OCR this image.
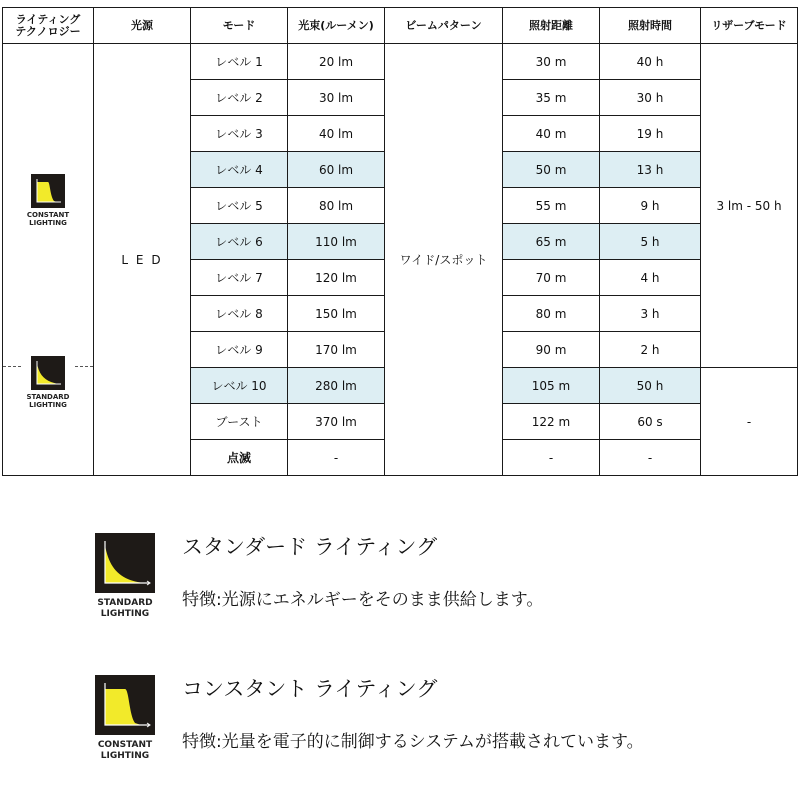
ライティング
テクノロジー	光源	モード	光束(ルーメン)	ビームパターン	照射距離	照射時間	リザーブモード

CONSTANT
LIGHTING
STANDARD
LIGHTING	L E D	レベル 1	20 lm	ワイド/スポット	30 m	40 h	3 lm - 50 h
		レベル 2	30 lm		35 m	30 h	
		レベル 3	40 lm		40 m	19 h	
		レベル 4	60 lm		50 m	13 h	
		レベル 5	80 lm		55 m	9 h	
		レベル 6	110 lm		65 m	5 h	
		レベル 7	120 lm		70 m	4 h	
		レベル 8	150 lm		80 m	3 h	
		レベル 9	170 lm		90 m	2 h	
		レベル 10	280 lm		105 m	50 h	-
		ブースト	370 lm		122 m	60 s	
		点滅	-		-	-	
STANDARD
LIGHTING
スタンダード ライティング
特徴:光源にエネルギーをそのまま供給します。
CONSTANT
LIGHTING
コンスタント ライティング
特徴:光量を電子的に制御するシステムが搭載されています。
